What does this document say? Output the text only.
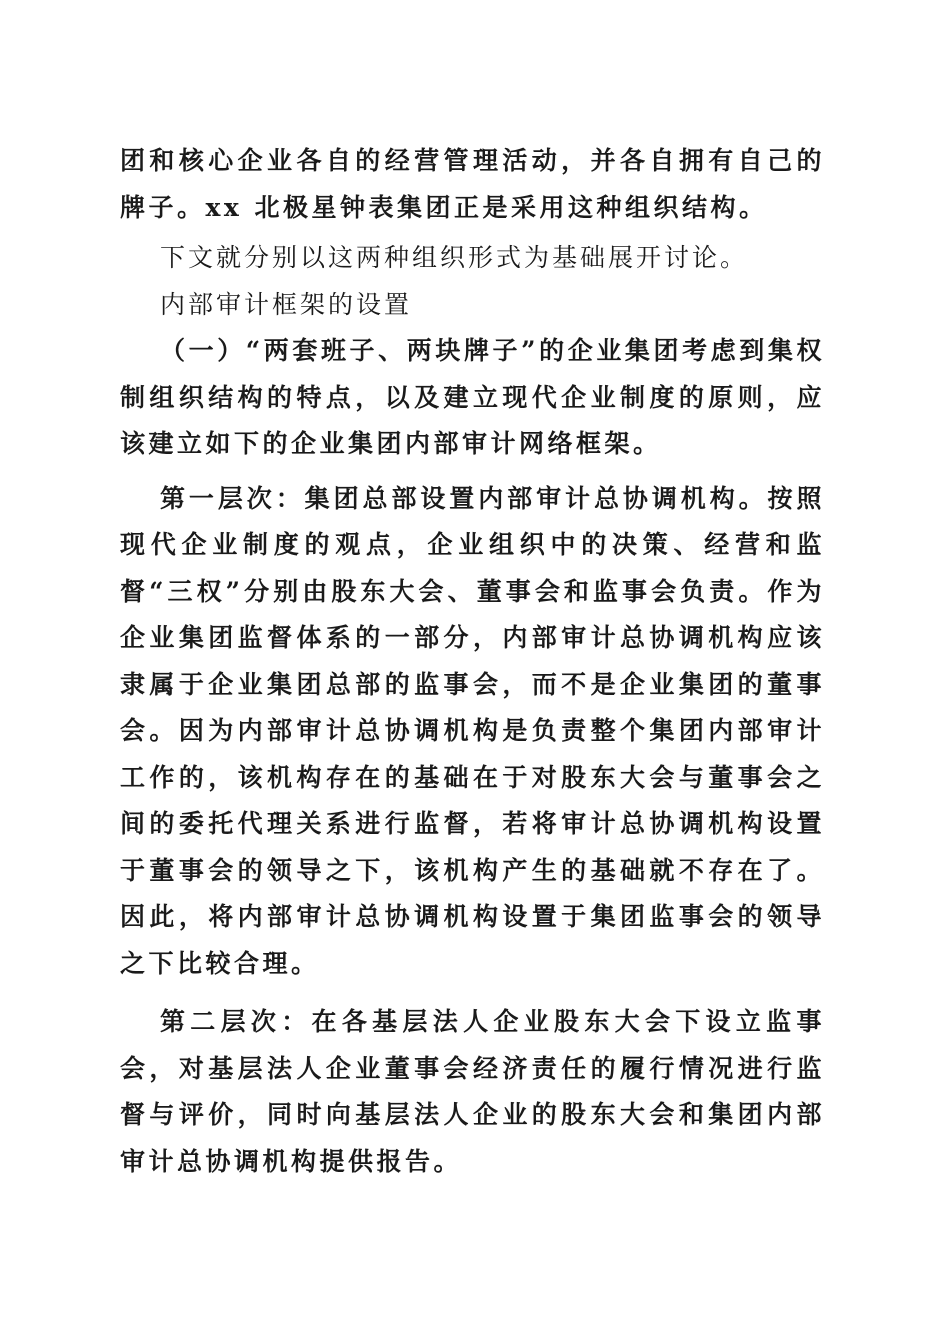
团和核心企业各自的经营管理活动，并各自拥有自己的牌子。xx 北极星钟表集团正是采用这种组织结构。

下文就分别以这两种组织形式为基础展开讨论。

内部审计框架的设置

（一）“两套班子、两块牌子”的企业集团考虑到集权制组织结构的特点，以及建立现代企业制度的原则，应该建立如下的企业集团内部审计网络框架。

第一层次：集团总部设置内部审计总协调机构。按照现代企业制度的观点，企业组织中的决策、经营和监督“三权”分别由股东大会、董事会和监事会负责。作为企业集团监督体系的一部分，内部审计总协调机构应该隶属于企业集团总部的监事会，而不是企业集团的董事会。因为内部审计总协调机构是负责整个集团内部审计工作的，该机构存在的基础在于对股东大会与董事会之间的委托代理关系进行监督，若将审计总协调机构设置于董事会的领导之下，该机构产生的基础就不存在了。因此，将内部审计总协调机构设置于集团监事会的领导之下比较合理。

第二层次：在各基层法人企业股东大会下设立监事会，对基层法人企业董事会经济责任的履行情况进行监督与评价，同时向基层法人企业的股东大会和集团内部审计总协调机构提供报告。
